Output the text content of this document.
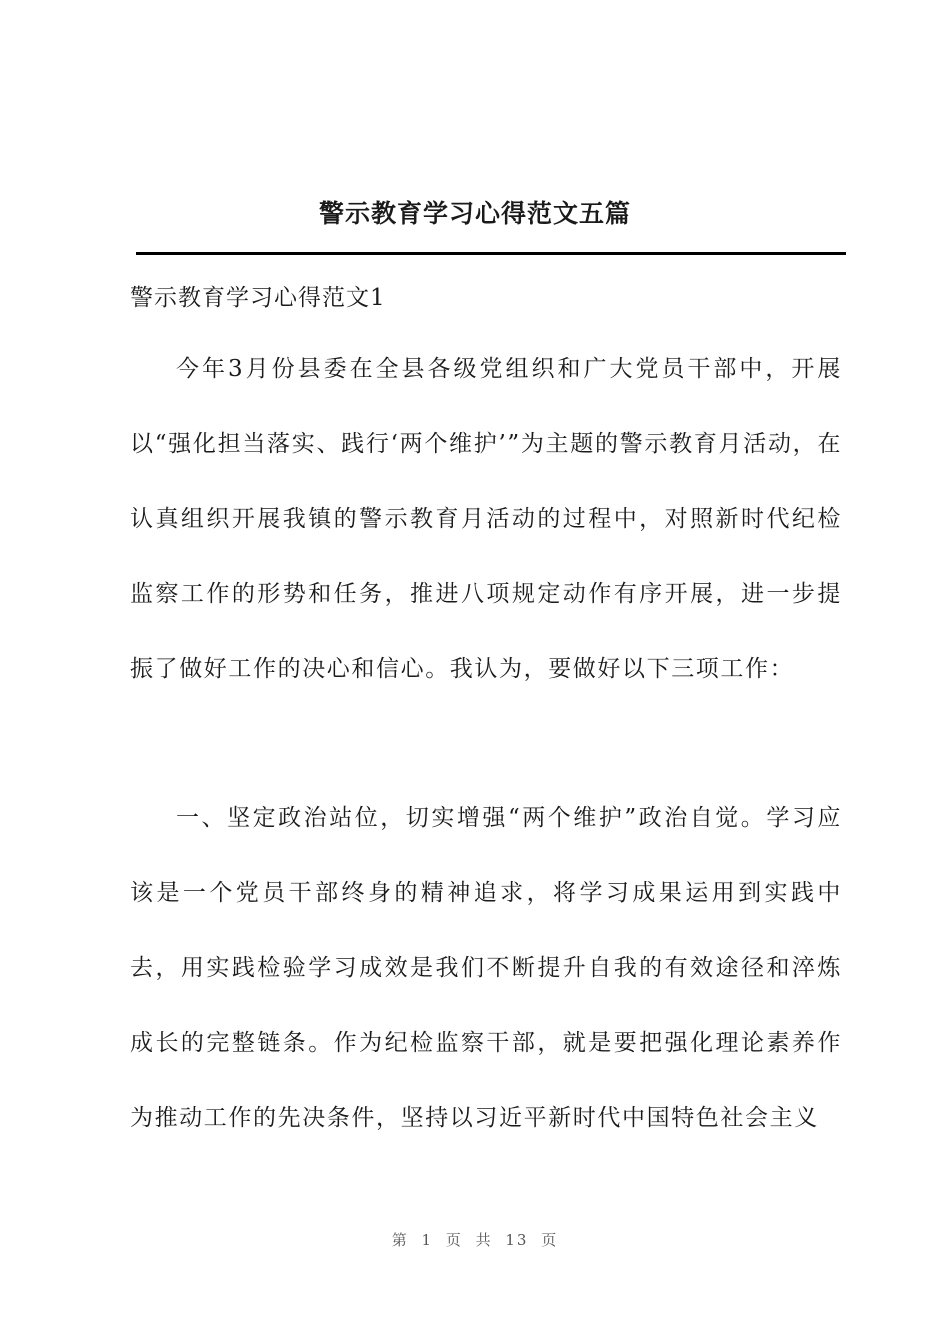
警示教育学习心得范文五篇
警示教育学习心得范文1

今年3月份县委在全县各级党组织和广大党员干部中，开展以“强化担当落实、践行‘两个维护’”为主题的警示教育月活动，在认真组织开展我镇的警示教育月活动的过程中，对照新时代纪检监察工作的形势和任务，推进八项规定动作有序开展，进一步提振了做好工作的决心和信心。我认为，要做好以下三项工作：

一、坚定政治站位，切实增强“两个维护”政治自觉。学习应该是一个党员干部终身的精神追求，将学习成果运用到实践中去，用实践检验学习成效是我们不断提升自我的有效途径和淬炼成长的完整链条。作为纪检监察干部，就是要把强化理论素养作为推动工作的先决条件，坚持以习近平新时代中国特色社会主义

第 1 页 共 13 页
